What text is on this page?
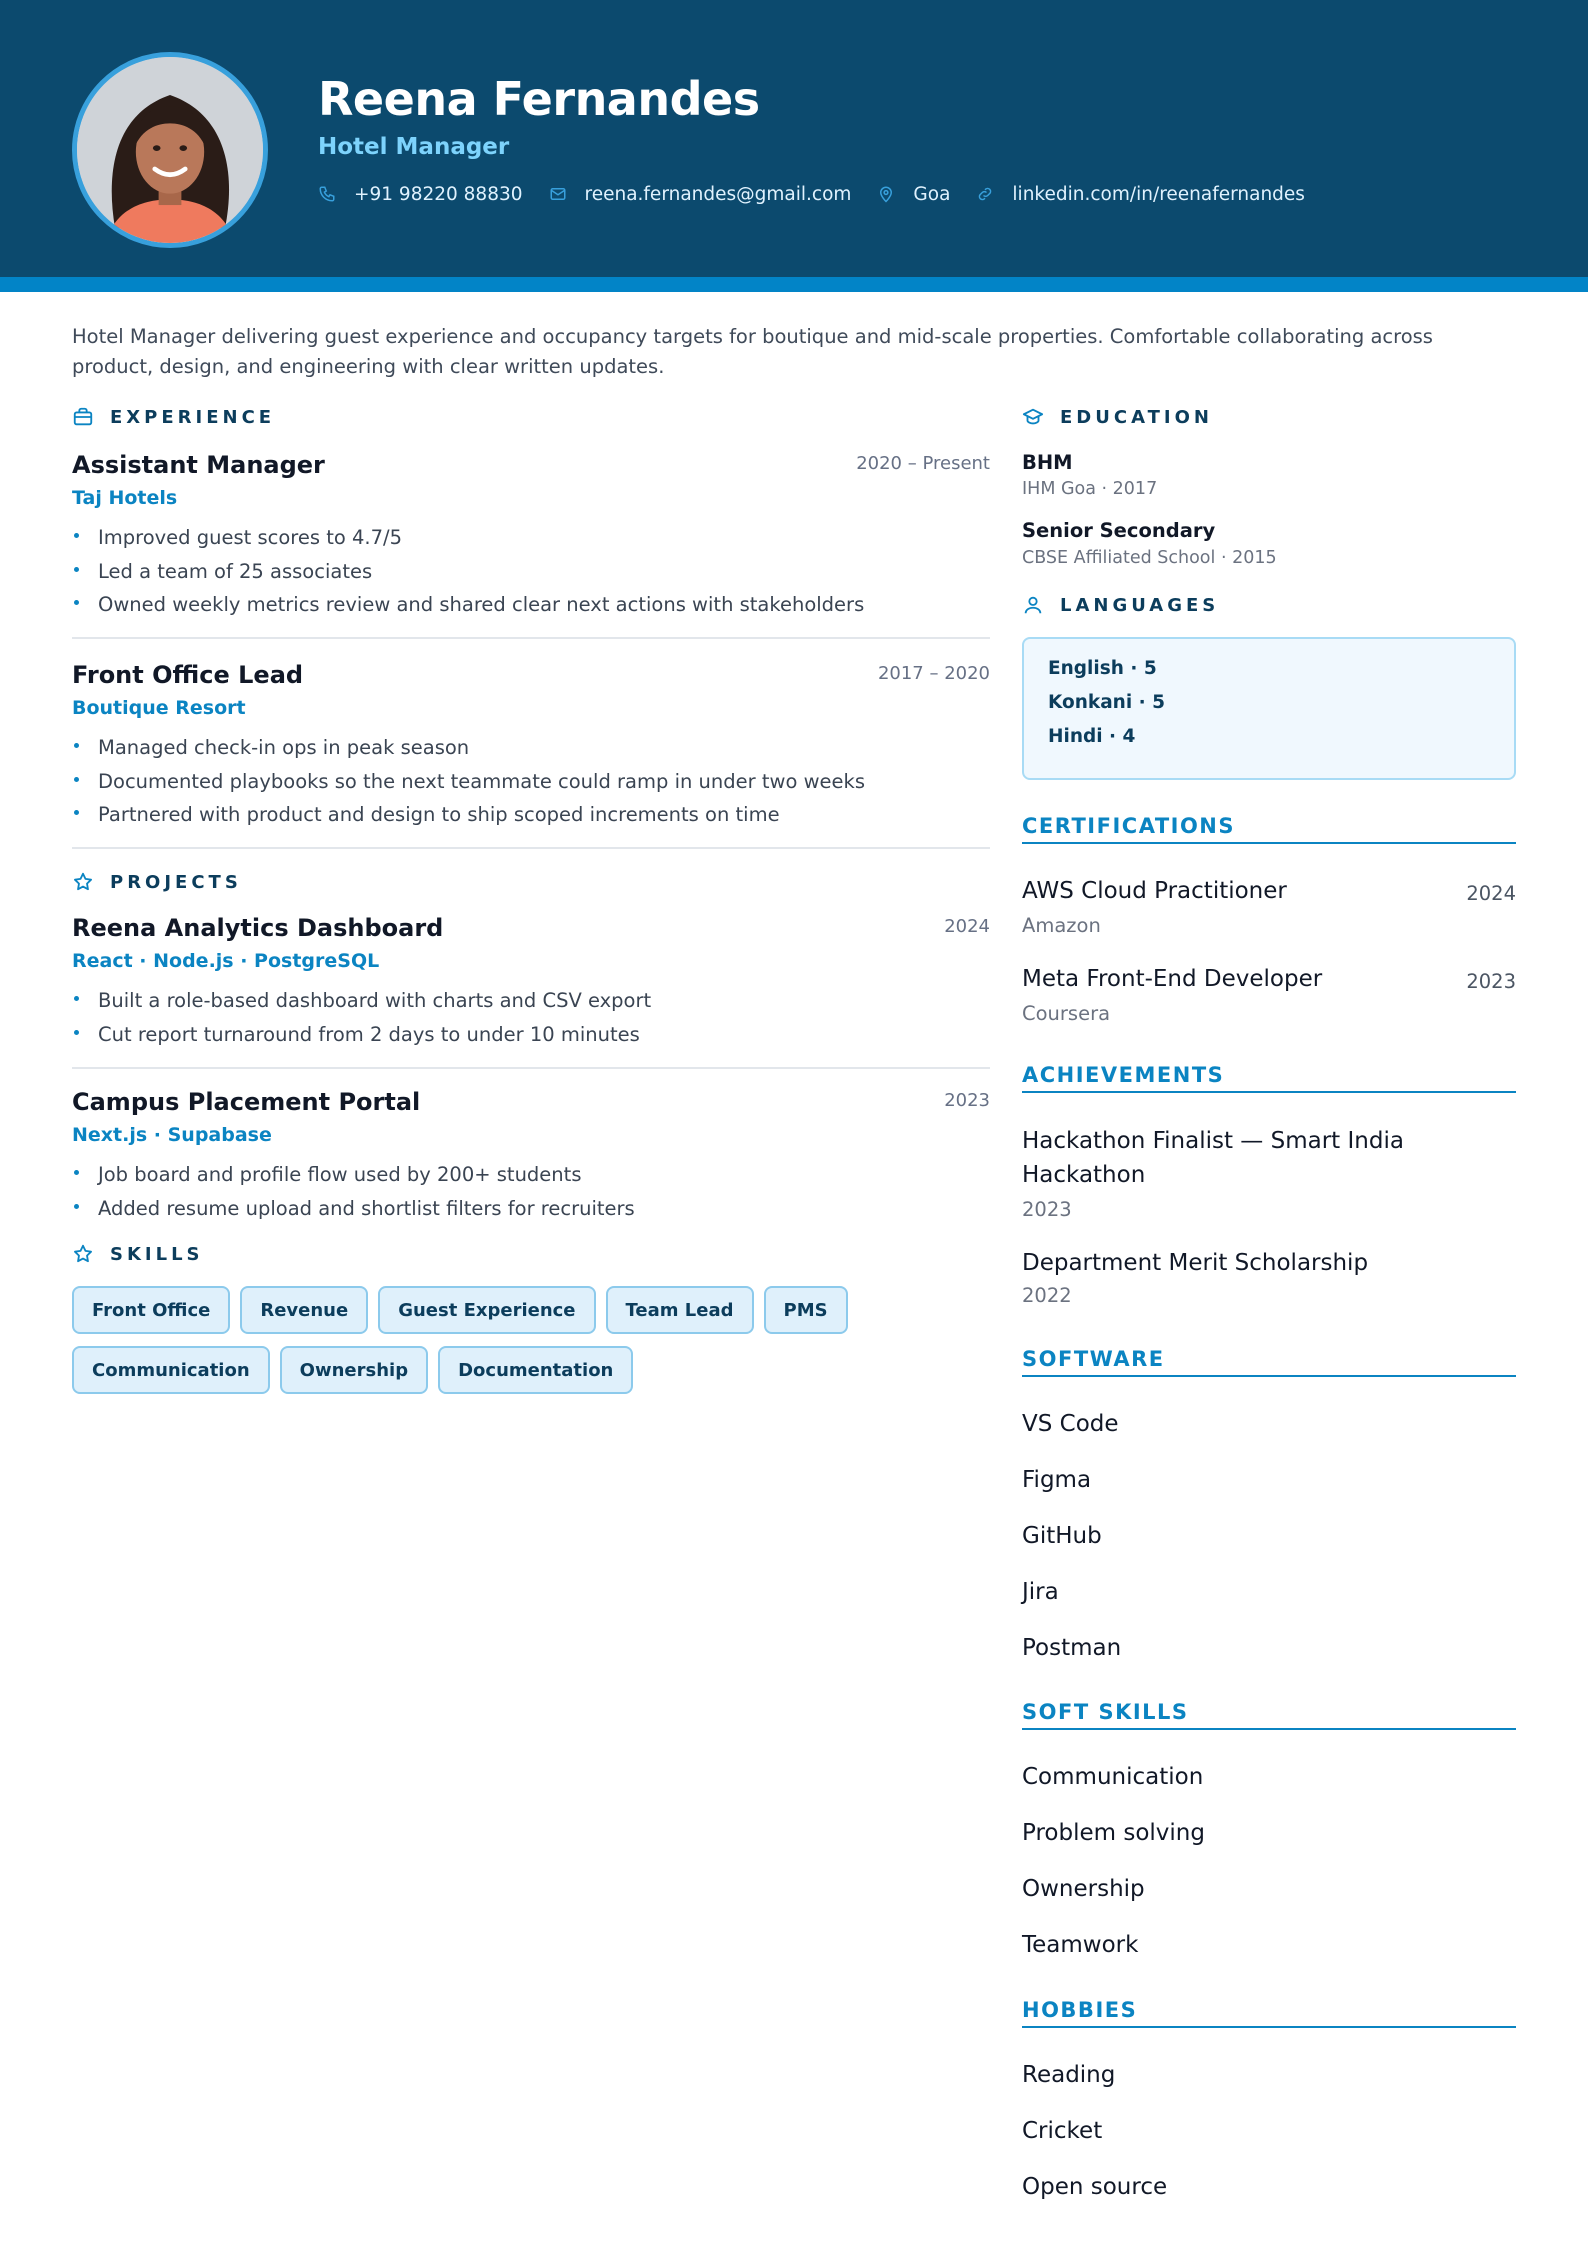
Reena Fernandes
Hotel Manager
+91 98220 88830	reena.fernandes@gmail.com	Goa	linkedin.com/in/reenafernandes
Hotel Manager delivering guest experience and occupancy targets for boutique and mid-scale properties. Comfortable collaborating across product, design, and engineering with clear written updates.
EXPERIENCE
Assistant Manager	2020 – Present
Taj Hotels
Improved guest scores to 4.7/5
Led a team of 25 associates
Owned weekly metrics review and shared clear next actions with stakeholders
Front Office Lead	2017 – 2020
Boutique Resort
Managed check-in ops in peak season
Documented playbooks so the next teammate could ramp in under two weeks
Partnered with product and design to ship scoped increments on time
PROJECTS
Reena Analytics Dashboard	2024
React · Node.js · PostgreSQL
Built a role-based dashboard with charts and CSV export
Cut report turnaround from 2 days to under 10 minutes
Campus Placement Portal	2023
Next.js · Supabase
Job board and profile flow used by 200+ students
Added resume upload and shortlist filters for recruiters
SKILLS
Front Office	Revenue	Guest Experience	Team Lead	PMS
Communication	Ownership	Documentation
EDUCATION
BHM
IHM Goa · 2017
Senior Secondary
CBSE Affiliated School · 2015
LANGUAGES
English · 5
Konkani · 5
Hindi · 4
CERTIFICATIONS
AWS Cloud Practitioner	2024
Amazon
Meta Front-End Developer	2023
Coursera
ACHIEVEMENTS
Hackathon Finalist — Smart India Hackathon
2023
Department Merit Scholarship
2022
SOFTWARE
VS Code
Figma
GitHub
Jira
Postman
SOFT SKILLS
Communication
Problem solving
Ownership
Teamwork
HOBBIES
Reading
Cricket
Open source
